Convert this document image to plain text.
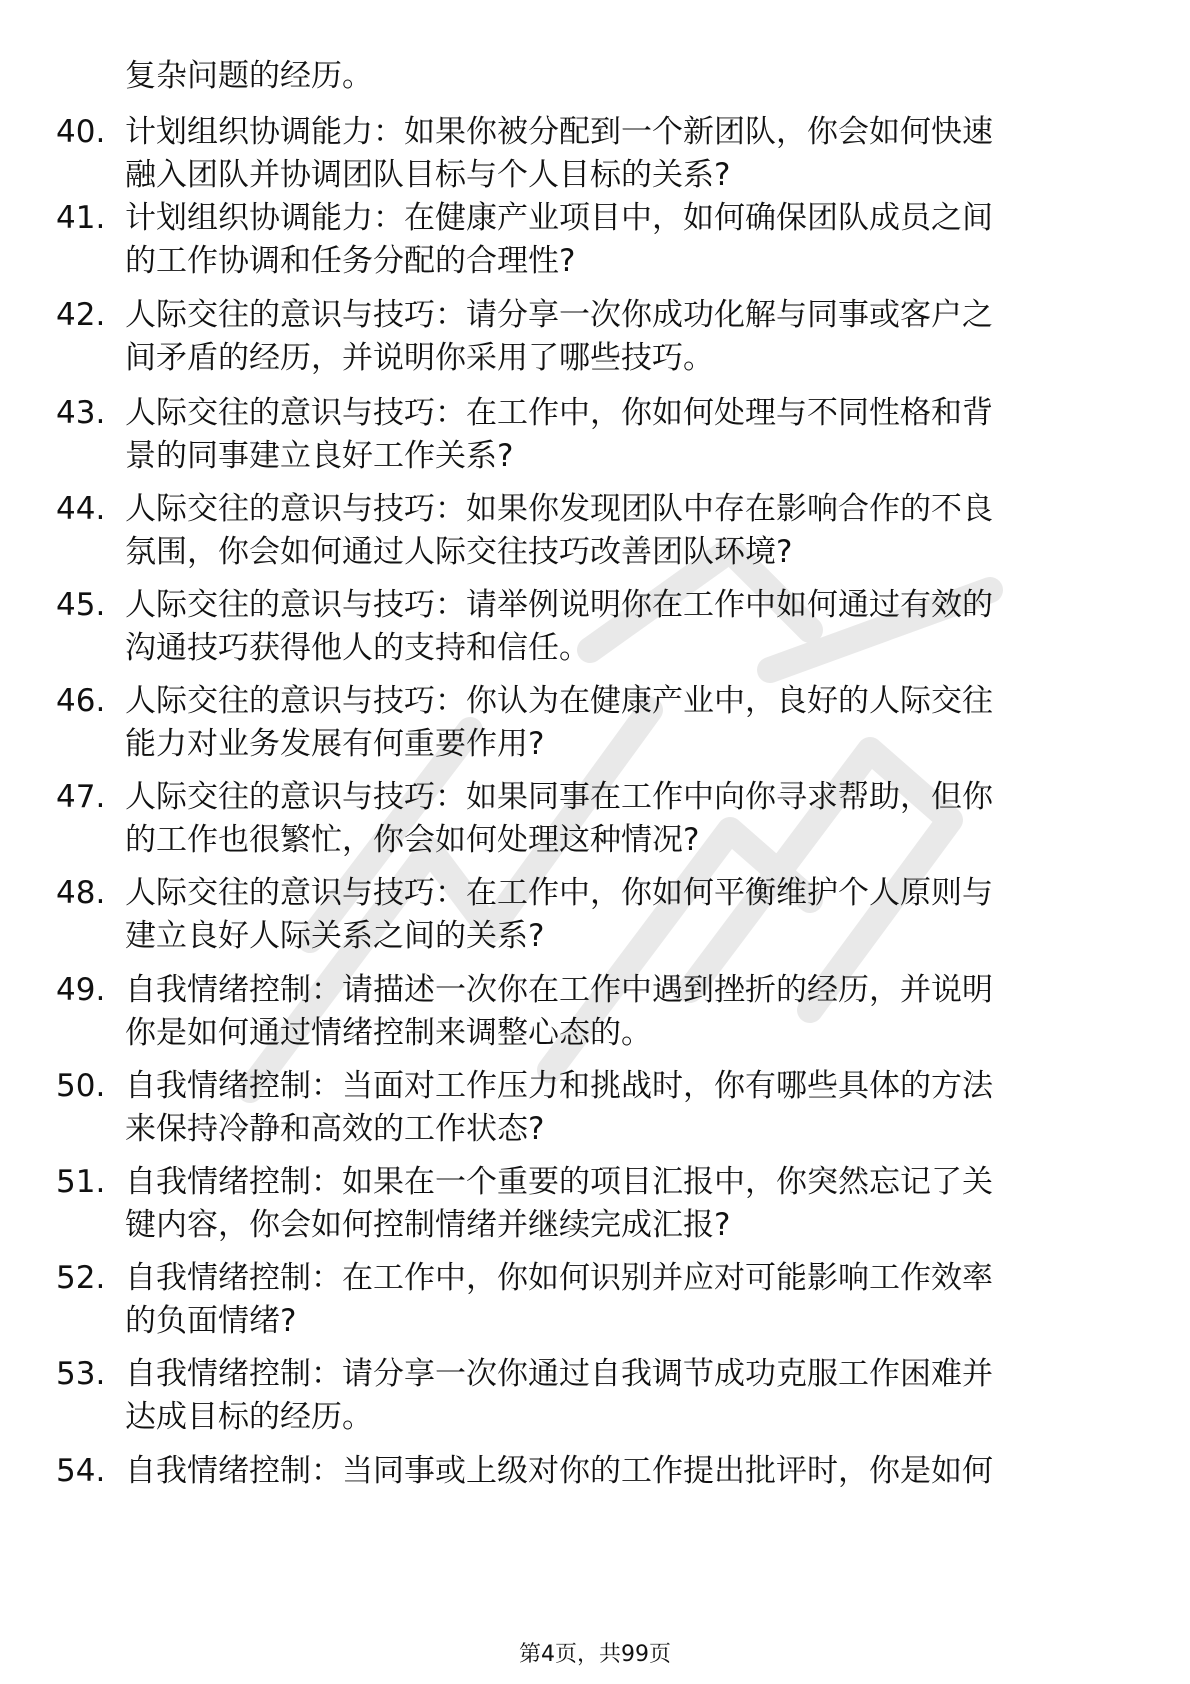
复杂问题的经历。
40. 计划组织协调能力：如果你被分配到一个新团队，你会如何快速
融入团队并协调团队目标与个人目标的关系?
41. 计划组织协调能力：在健康产业项目中，如何确保团队成员之间
的工作协调和任务分配的合理性?
42. 人际交往的意识与技巧：请分享一次你成功化解与同事或客户之
间矛盾的经历，并说明你采用了哪些技巧。
43. 人际交往的意识与技巧：在工作中，你如何处理与不同性格和背
景的同事建立良好工作关系?
44. 人际交往的意识与技巧：如果你发现团队中存在影响合作的不良
氛围，你会如何通过人际交往技巧改善团队环境?
45. 人际交往的意识与技巧：请举例说明你在工作中如何通过有效的
沟通技巧获得他人的支持和信任。
46. 人际交往的意识与技巧：你认为在健康产业中，良好的人际交往
能力对业务发展有何重要作用?
47. 人际交往的意识与技巧：如果同事在工作中向你寻求帮助，但你
的工作也很繁忙，你会如何处理这种情况?
48. 人际交往的意识与技巧：在工作中，你如何平衡维护个人原则与
建立良好人际关系之间的关系?
49. 自我情绪控制：请描述一次你在工作中遇到挫折的经历，并说明
你是如何通过情绪控制来调整心态的。
50. 自我情绪控制：当面对工作压力和挑战时，你有哪些具体的方法
来保持冷静和高效的工作状态?
51. 自我情绪控制：如果在一个重要的项目汇报中，你突然忘记了关
键内容，你会如何控制情绪并继续完成汇报?
52. 自我情绪控制：在工作中，你如何识别并应对可能影响工作效率
的负面情绪?
53. 自我情绪控制：请分享一次你通过自我调节成功克服工作困难并
达成目标的经历。
54. 自我情绪控制：当同事或上级对你的工作提出批评时，你是如何
第4页，共99页
